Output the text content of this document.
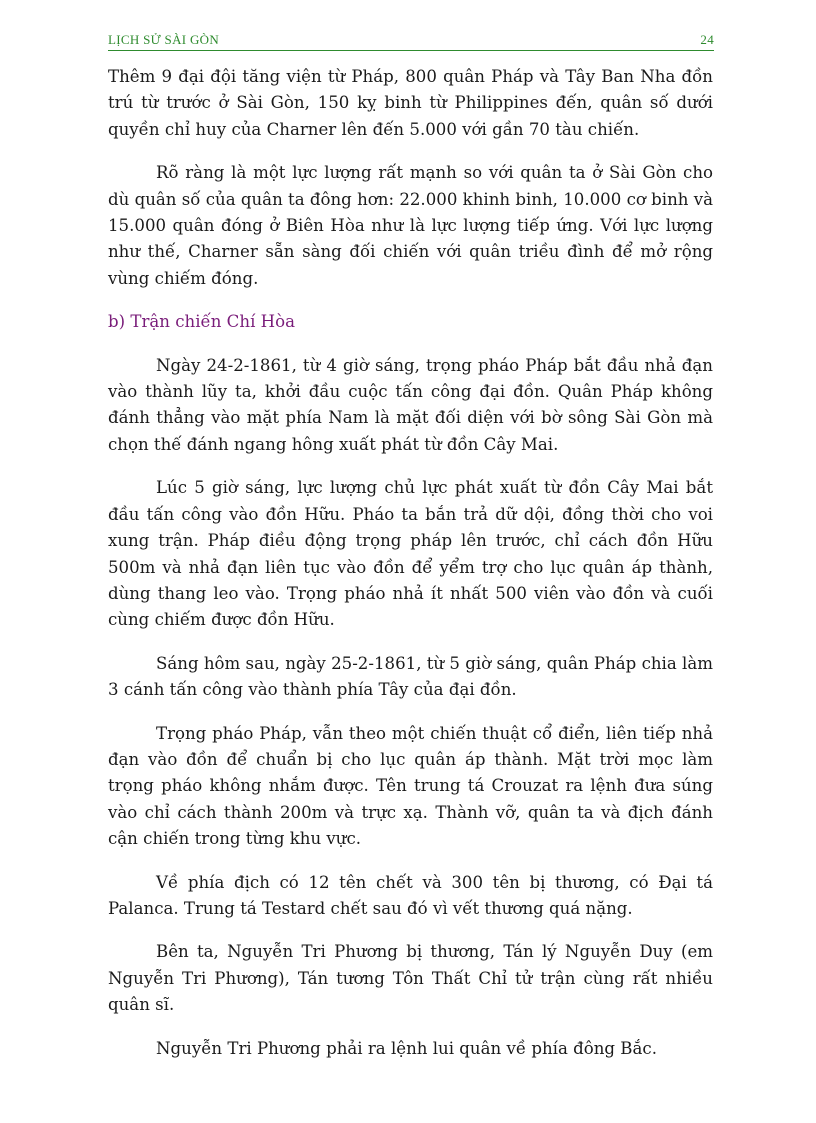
LỊCH SỬ SÀI GÒN	24

Thêm 9 đại đội tăng viện từ Pháp, 800 quân Pháp và Tây Ban Nha đồn trú từ trước ở Sài Gòn, 150 kỵ binh từ Philippines đến, quân số dưới quyền chỉ huy của Charner lên đến 5.000 với gần 70 tàu chiến.

Rõ ràng là một lực lượng rất mạnh so với quân ta ở Sài Gòn cho dù quân số của quân ta đông hơn: 22.000 khinh binh, 10.000 cơ binh và 15.000 quân đóng ở Biên Hòa như là lực lượng tiếp ứng. Với lực lượng như thế, Charner sẵn sàng đối chiến với quân triều đình để mở rộng vùng chiếm đóng.

b) Trận chiến Chí Hòa

Ngày 24-2-1861, từ 4 giờ sáng, trọng pháo Pháp bắt đầu nhả đạn vào thành lũy ta, khởi đầu cuộc tấn công đại đồn. Quân Pháp không đánh thẳng vào mặt phía Nam là mặt đối diện với bờ sông Sài Gòn mà chọn thế đánh ngang hông xuất phát từ đồn Cây Mai.

Lúc 5 giờ sáng, lực lượng chủ lực phát xuất từ đồn Cây Mai bắt đầu tấn công vào đồn Hữu. Pháo ta bắn trả dữ dội, đồng thời cho voi xung trận. Pháp điều động trọng pháp lên trước, chỉ cách đồn Hữu 500m và nhả đạn liên tục vào đồn để yểm trợ cho lục quân áp thành, dùng thang leo vào. Trọng pháo nhả ít nhất 500 viên vào đồn và cuối cùng chiếm được đồn Hữu.

Sáng hôm sau, ngày 25-2-1861, từ 5 giờ sáng, quân Pháp chia làm 3 cánh tấn công vào thành phía Tây của đại đồn.

Trọng pháo Pháp, vẫn theo một chiến thuật cổ điển, liên tiếp nhả đạn vào đồn để chuẩn bị cho lục quân áp thành. Mặt trời mọc làm trọng pháo không nhắm được. Tên trung tá Crouzat ra lệnh đưa súng vào chỉ cách thành 200m và trực xạ. Thành vỡ, quân ta và địch đánh cận chiến trong từng khu vực.

Về phía địch có 12 tên chết và 300 tên bị thương, có Đại tá Palanca. Trung tá Testard chết sau đó vì vết thương quá nặng.

Bên ta, Nguyễn Tri Phương bị thương, Tán lý Nguyễn Duy (em Nguyễn Tri Phương), Tán tương Tôn Thất Chỉ tử trận cùng rất nhiều quân sĩ.

Nguyễn Tri Phương phải ra lệnh lui quân về phía đông Bắc.
